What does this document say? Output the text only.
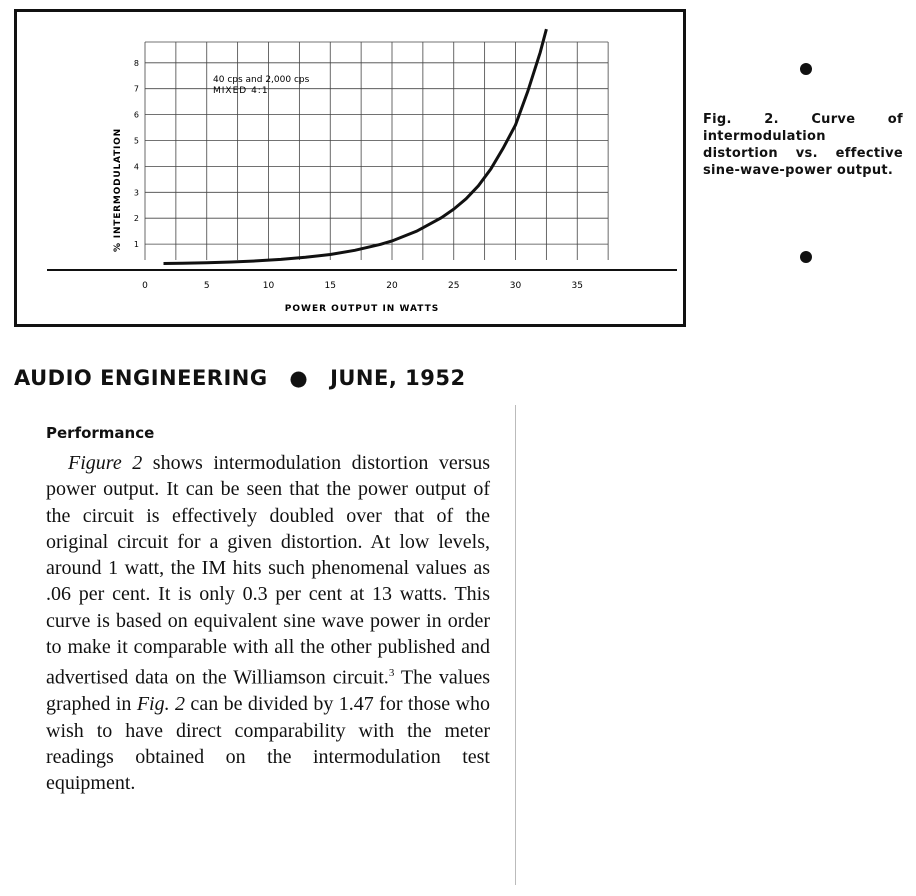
0	5	10	15	20	25	30	35
1
2
3
4
5
6
7
8
40 cps and 2,000 cps
MIXED 4:1
% INTERMODULATION
POWER OUTPUT IN WATTS
Fig. 2. Curve of intermodulation distortion vs. effective sine-wave-power output.
AUDIO ENGINEERING ● JUNE, 1952
Performance
Figure 2 shows intermodulation distortion versus power output. It can be seen that the power output of the circuit is effectively doubled over that of the original circuit for a given distortion. At low levels, around 1 watt, the IM hits such phenomenal values as .06 per cent. It is only 0.3 per cent at 13 watts. This curve is based on equivalent sine wave power in order to make it comparable with all the other published and advertised data on the Williamson circuit.$^3$ The values graphed in Fig. 2 can be divided by 1.47 for those who wish to have direct comparability with the meter readings obtained on the intermodulation test equipment.
